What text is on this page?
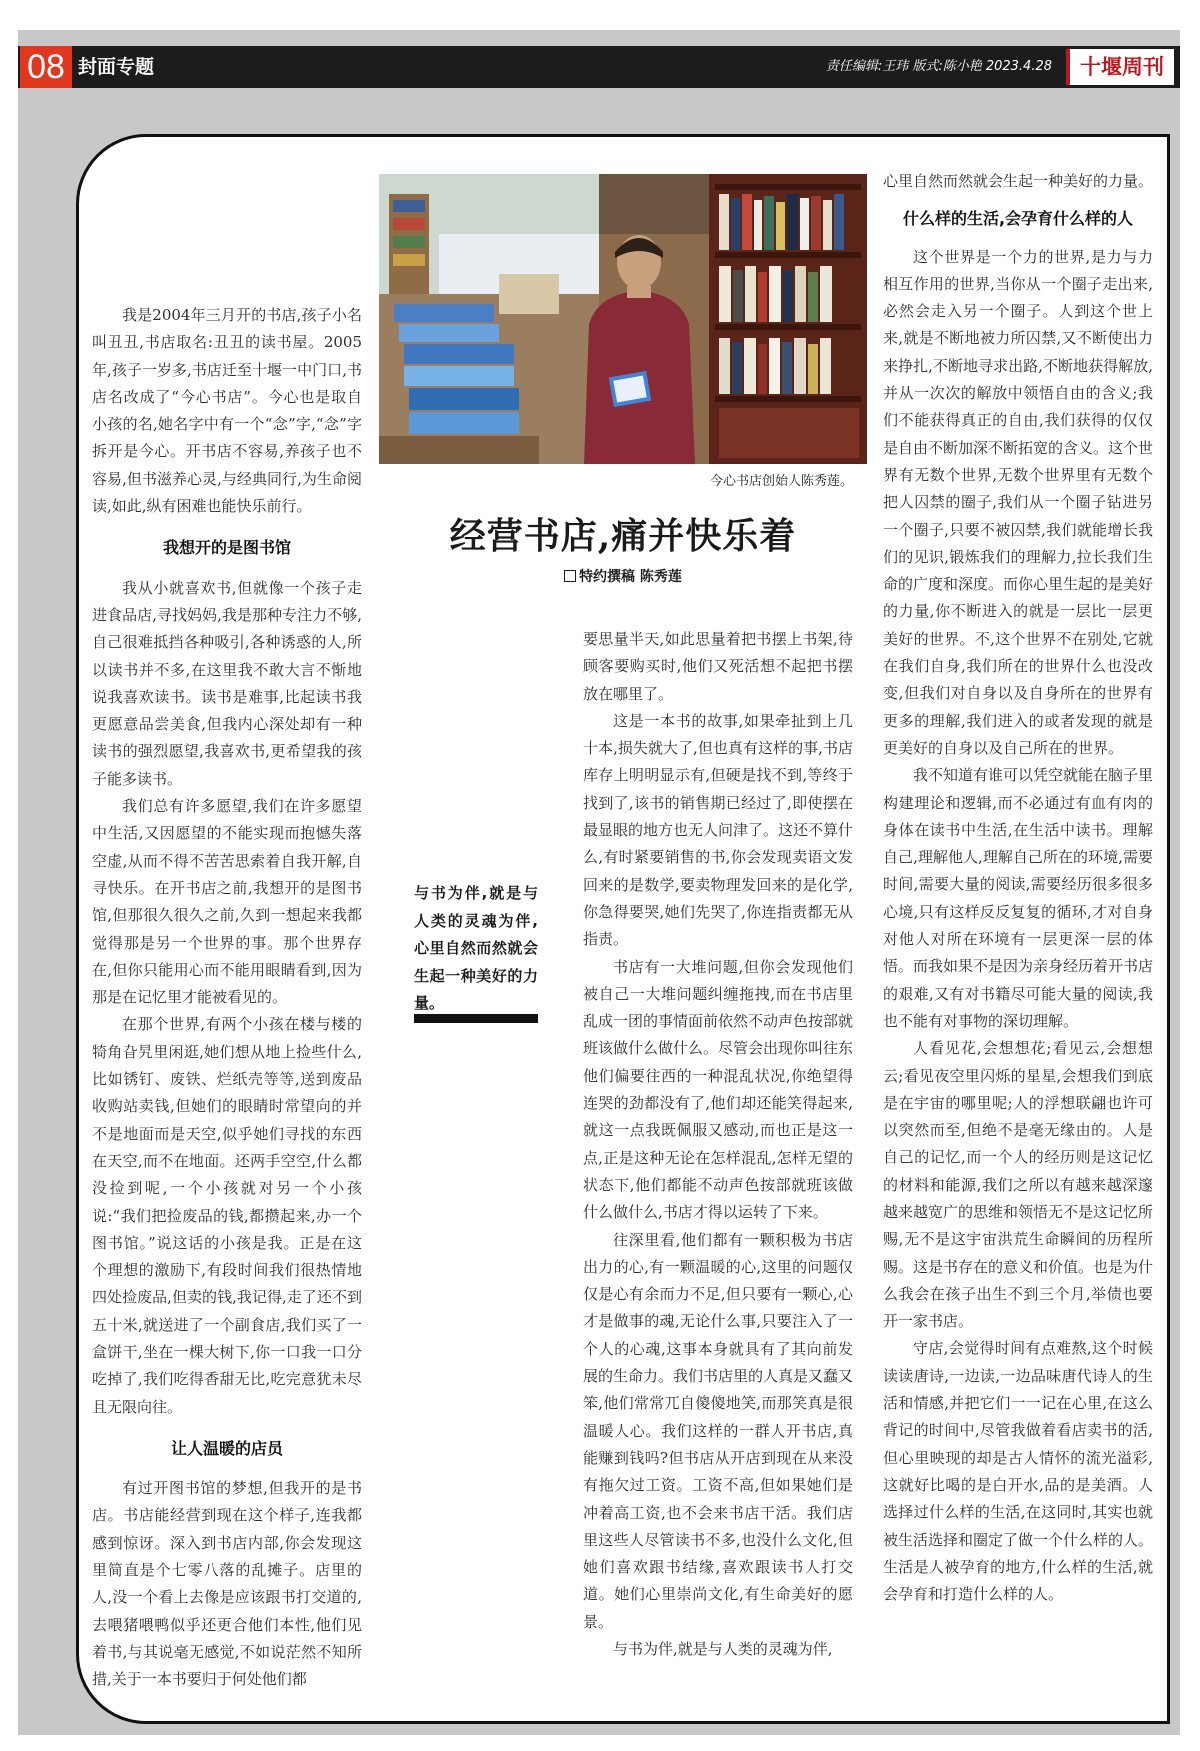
08 封面专题	责任编辑:王玮 版式:陈小艳 2023.4.28	十堰周刊
今心书店创始人陈秀莲。
经营书店,痛并快乐着
特约撰稿 陈秀莲

我是2004年三月开的书店,孩子小名叫丑丑,书店取名:丑丑的读书屋。2005年,孩子一岁多,书店迁至十堰一中门口,书店名改成了“今心书店”。今心也是取自小孩的名,她名字中有一个“念”字,“念”字拆开是今心。开书店不容易,养孩子也不容易,但书滋养心灵,与经典同行,为生命阅读,如此,纵有困难也能快乐前行。

我想开的是图书馆

我从小就喜欢书,但就像一个孩子走进食品店,寻找妈妈,我是那种专注力不够,自己很难抵挡各种吸引,各种诱惑的人,所以读书并不多,在这里我不敢大言不惭地说我喜欢读书。读书是难事,比起读书我更愿意品尝美食,但我内心深处却有一种读书的强烈愿望,我喜欢书,更希望我的孩子能多读书。

我们总有许多愿望,我们在许多愿望中生活,又因愿望的不能实现而抱憾失落空虚,从而不得不苦苦思索着自我开解,自寻快乐。在开书店之前,我想开的是图书馆,但那很久很久之前,久到一想起来我都觉得那是另一个世界的事。那个世界存在,但你只能用心而不能用眼睛看到,因为那是在记忆里才能被看见的。

在那个世界,有两个小孩在楼与楼的犄角旮旯里闲逛,她们想从地上捡些什么,比如锈钉、废铁、烂纸壳等等,送到废品收购站卖钱,但她们的眼睛时常望向的并不是地面而是天空,似乎她们寻找的东西在天空,而不在地面。还两手空空,什么都没捡到呢,一个小孩就对另一个小孩说:“我们把捡废品的钱,都攒起来,办一个图书馆。”说这话的小孩是我。正是在这个理想的激励下,有段时间我们很热情地四处捡废品,但卖的钱,我记得,走了还不到五十米,就送进了一个副食店,我们买了一盒饼干,坐在一棵大树下,你一口我一口分吃掉了,我们吃得香甜无比,吃完意犹未尽且无限向往。

让人温暖的店员

有过开图书馆的梦想,但我开的是书店。书店能经营到现在这个样子,连我都感到惊讶。深入到书店内部,你会发现这里简直是个七零八落的乱摊子。店里的人,没一个看上去像是应该跟书打交道的,去喂猪喂鸭似乎还更合他们本性,他们见着书,与其说毫无感觉,不如说茫然不知所措,关于一本书要归于何处他们都

与书为伴,就是与人类的灵魂为伴,心里自然而然就会生起一种美好的力量。

要思量半天,如此思量着把书摆上书架,待顾客要购买时,他们又死活想不起把书摆放在哪里了。

这是一本书的故事,如果牵扯到上几十本,损失就大了,但也真有这样的事,书店库存上明明显示有,但硬是找不到,等终于找到了,该书的销售期已经过了,即使摆在最显眼的地方也无人问津了。这还不算什么,有时紧要销售的书,你会发现卖语文发回来的是数学,要卖物理发回来的是化学,你急得要哭,她们先哭了,你连指责都无从指责。

书店有一大堆问题,但你会发现他们被自己一大堆问题纠缠拖拽,而在书店里乱成一团的事情面前依然不动声色按部就班该做什么做什么。尽管会出现你叫往东他们偏要往西的一种混乱状况,你绝望得连哭的劲都没有了,他们却还能笑得起来,就这一点我既佩服又感动,而也正是这一点,正是这种无论在怎样混乱,怎样无望的状态下,他们都能不动声色按部就班该做什么做什么,书店才得以运转了下来。

往深里看,他们都有一颗积极为书店出力的心,有一颗温暖的心,这里的问题仅仅是心有余而力不足,但只要有一颗心,心才是做事的魂,无论什么事,只要注入了一个人的心魂,这事本身就具有了其向前发展的生命力。我们书店里的人真是又蠢又笨,他们常常兀自傻傻地笑,而那笑真是很温暖人心。我们这样的一群人开书店,真能赚到钱吗?但书店从开店到现在从来没有拖欠过工资。工资不高,但如果她们是冲着高工资,也不会来书店干活。我们店里这些人尽管读书不多,也没什么文化,但她们喜欢跟书结缘,喜欢跟读书人打交道。她们心里崇尚文化,有生命美好的愿景。

与书为伴,就是与人类的灵魂为伴,

心里自然而然就会生起一种美好的力量。

什么样的生活,会孕育什么样的人

这个世界是一个力的世界,是力与力相互作用的世界,当你从一个圈子走出来,必然会走入另一个圈子。人到这个世上来,就是不断地被力所囚禁,又不断使出力来挣扎,不断地寻求出路,不断地获得解放,并从一次次的解放中领悟自由的含义;我们不能获得真正的自由,我们获得的仅仅是自由不断加深不断拓宽的含义。这个世界有无数个世界,无数个世界里有无数个把人囚禁的圈子,我们从一个圈子钻进另一个圈子,只要不被囚禁,我们就能增长我们的见识,锻炼我们的理解力,拉长我们生命的广度和深度。而你心里生起的是美好的力量,你不断进入的就是一层比一层更美好的世界。不,这个世界不在别处,它就在我们自身,我们所在的世界什么也没改变,但我们对自身以及自身所在的世界有更多的理解,我们进入的或者发现的就是更美好的自身以及自己所在的世界。

我不知道有谁可以凭空就能在脑子里构建理论和逻辑,而不必通过有血有肉的身体在读书中生活,在生活中读书。理解自己,理解他人,理解自己所在的环境,需要时间,需要大量的阅读,需要经历很多很多心境,只有这样反反复复的循环,才对自身对他人对所在环境有一层更深一层的体悟。而我如果不是因为亲身经历着开书店的艰难,又有对书籍尽可能大量的阅读,我也不能有对事物的深切理解。

人看见花,会想想花;看见云,会想想云;看见夜空里闪烁的星星,会想我们到底是在宇宙的哪里呢;人的浮想联翩也许可以突然而至,但绝不是毫无缘由的。人是自己的记忆,而一个人的经历则是这记忆的材料和能源,我们之所以有越来越深邃越来越宽广的思维和领悟无不是这记忆所赐,无不是这宇宙洪荒生命瞬间的历程所赐。这是书存在的意义和价值。也是为什么我会在孩子出生不到三个月,举债也要开一家书店。

守店,会觉得时间有点难熬,这个时候读读唐诗,一边读,一边品味唐代诗人的生活和情感,并把它们一一记在心里,在这么背记的时间中,尽管我做着看店卖书的活,但心里映现的却是古人情怀的流光溢彩,这就好比喝的是白开水,品的是美酒。人选择过什么样的生活,在这同时,其实也就被生活选择和圈定了做一个什么样的人。生活是人被孕育的地方,什么样的生活,就会孕育和打造什么样的人。
